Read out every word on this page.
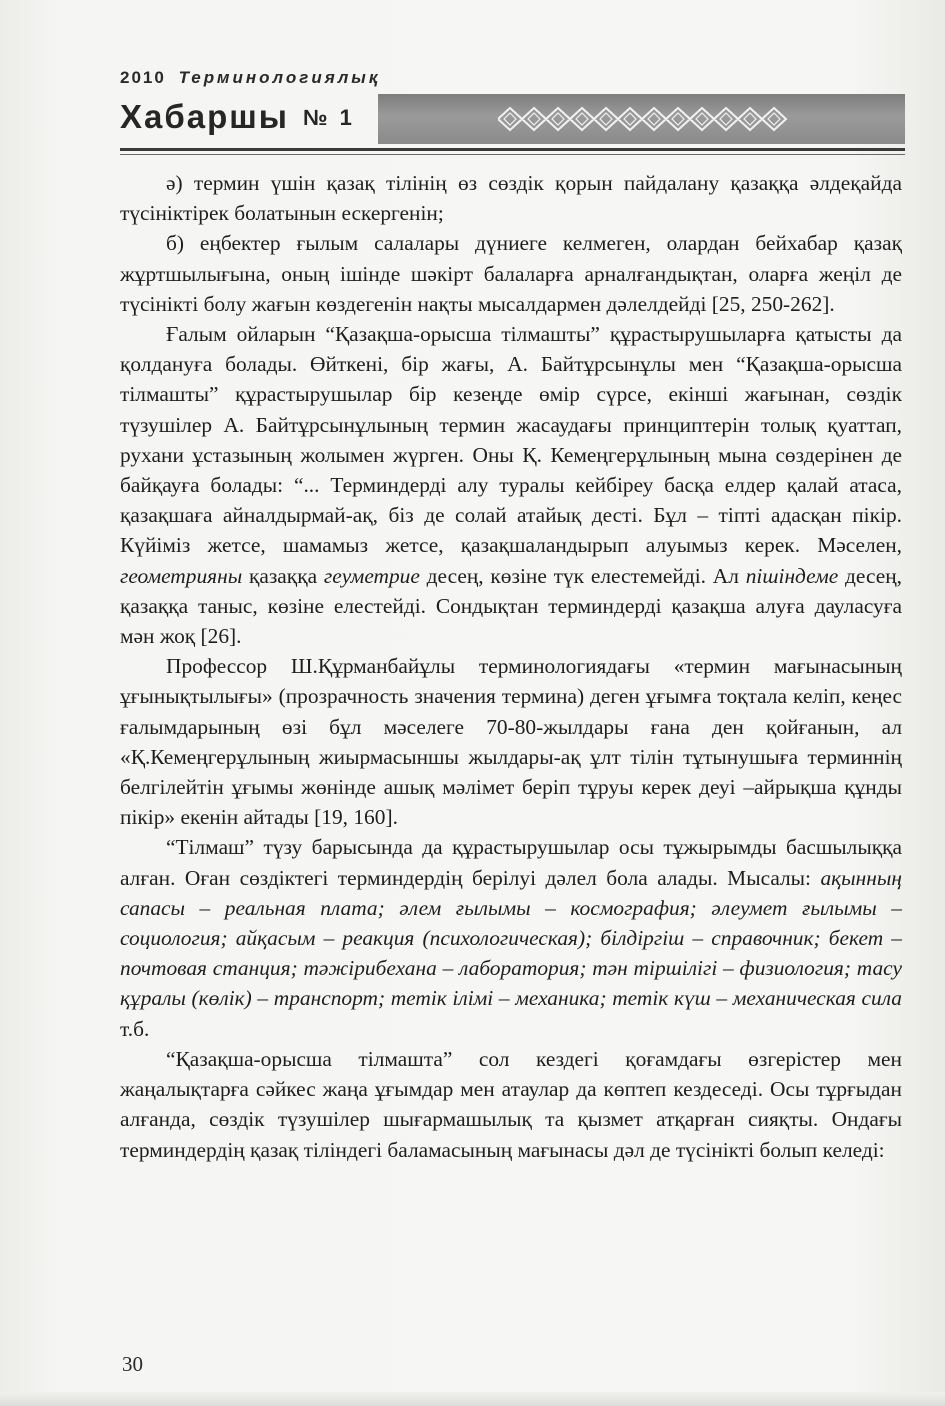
2010 Терминологиялық
Хабаршы № 1

ә) термин үшін қазақ тілінің өз сөздік қорын пайдалану қазаққа әлдеқайда түсініктірек болатынын ескергенін;

б) еңбектер ғылым салалары дүниеге келмеген, олардан бейхабар қазақ жұртшылығына, оның ішінде шәкірт балаларға арналғандықтан, оларға жеңіл де түсінікті болу жағын көздегенін нақты мысалдармен дәлелдейді [25, 250-262].

Ғалым ойларын “Қазақша-орысша тілмашты” құрастырушыларға қатысты да қолдануға болады. Өйткені, бір жағы, А. Байтұрсынұлы мен “Қазақша-орысша тілмашты” құрастырушылар бір кезеңде өмір сүрсе, екінші жағынан, сөздік түзушілер А. Байтұрсынұлының термин жасаудағы принциптерін толық қуаттап, рухани ұстазының жолымен жүрген. Оны Қ. Кемеңгерұлының мына сөздерінен де байқауға болады: “... Терминдерді алу туралы кейбіреу басқа елдер қалай атаса, қазақшаға айналдырмай-ақ, біз де солай атайық десті. Бұл – тіпті адасқан пікір. Күйіміз жетсе, шамамыз жетсе, қазақшаландырып алуымыз керек. Мәселен, геометрияны қазаққа геуметрие десең, көзіне түк елестемейді. Ал пішіндеме десең, қазаққа таныс, көзіне елестейді. Сондықтан терминдерді қазақша алуға дауласуға мән жоқ [26].

Профессор Ш.Құрманбайұлы терминологиядағы «термин мағынасының ұғынықтылығы» (прозрачность значения термина) деген ұғымға тоқтала келіп, кеңес ғалымдарының өзі бұл мәселеге 70-80-жылдары ғана ден қойғанын, ал «Қ.Кемеңгерұлының жиырмасыншы жылдары-ақ ұлт тілін тұтынушыға терминнің белгілейтін ұғымы жөнінде ашық мәлімет беріп тұруы керек деуі –айрықша құнды пікір» екенін айтады [19, 160].

“Тілмаш” түзу барысында да құрастырушылар осы тұжырымды басшылыққа алған. Оған сөздіктегі терминдердің берілуі дәлел бола алады. Мысалы: ақынның сапасы – реальная плата; әлем ғылымы – космография; әлеумет ғылымы – социология; айқасым – реакция (психологическая); білдіргіш – справочник; бекет – почтовая станция; тәжірибехана – лаборатория; тән тіршілігі – физиология; тасу құралы (көлік) – транспорт; тетік ілімі – механика; тетік күш – механическая сила т.б.

“Қазақша-орысша тілмашта” сол кездегі қоғамдағы өзгерістер мен жаңалықтарға сәйкес жаңа ұғымдар мен атаулар да көптеп кездеседі. Осы тұрғыдан алғанда, сөздік түзушілер шығармашылық та қызмет атқарған сияқты. Ондағы терминдердің қазақ тіліндегі баламасының мағынасы дәл де түсінікті болып келеді:

30
